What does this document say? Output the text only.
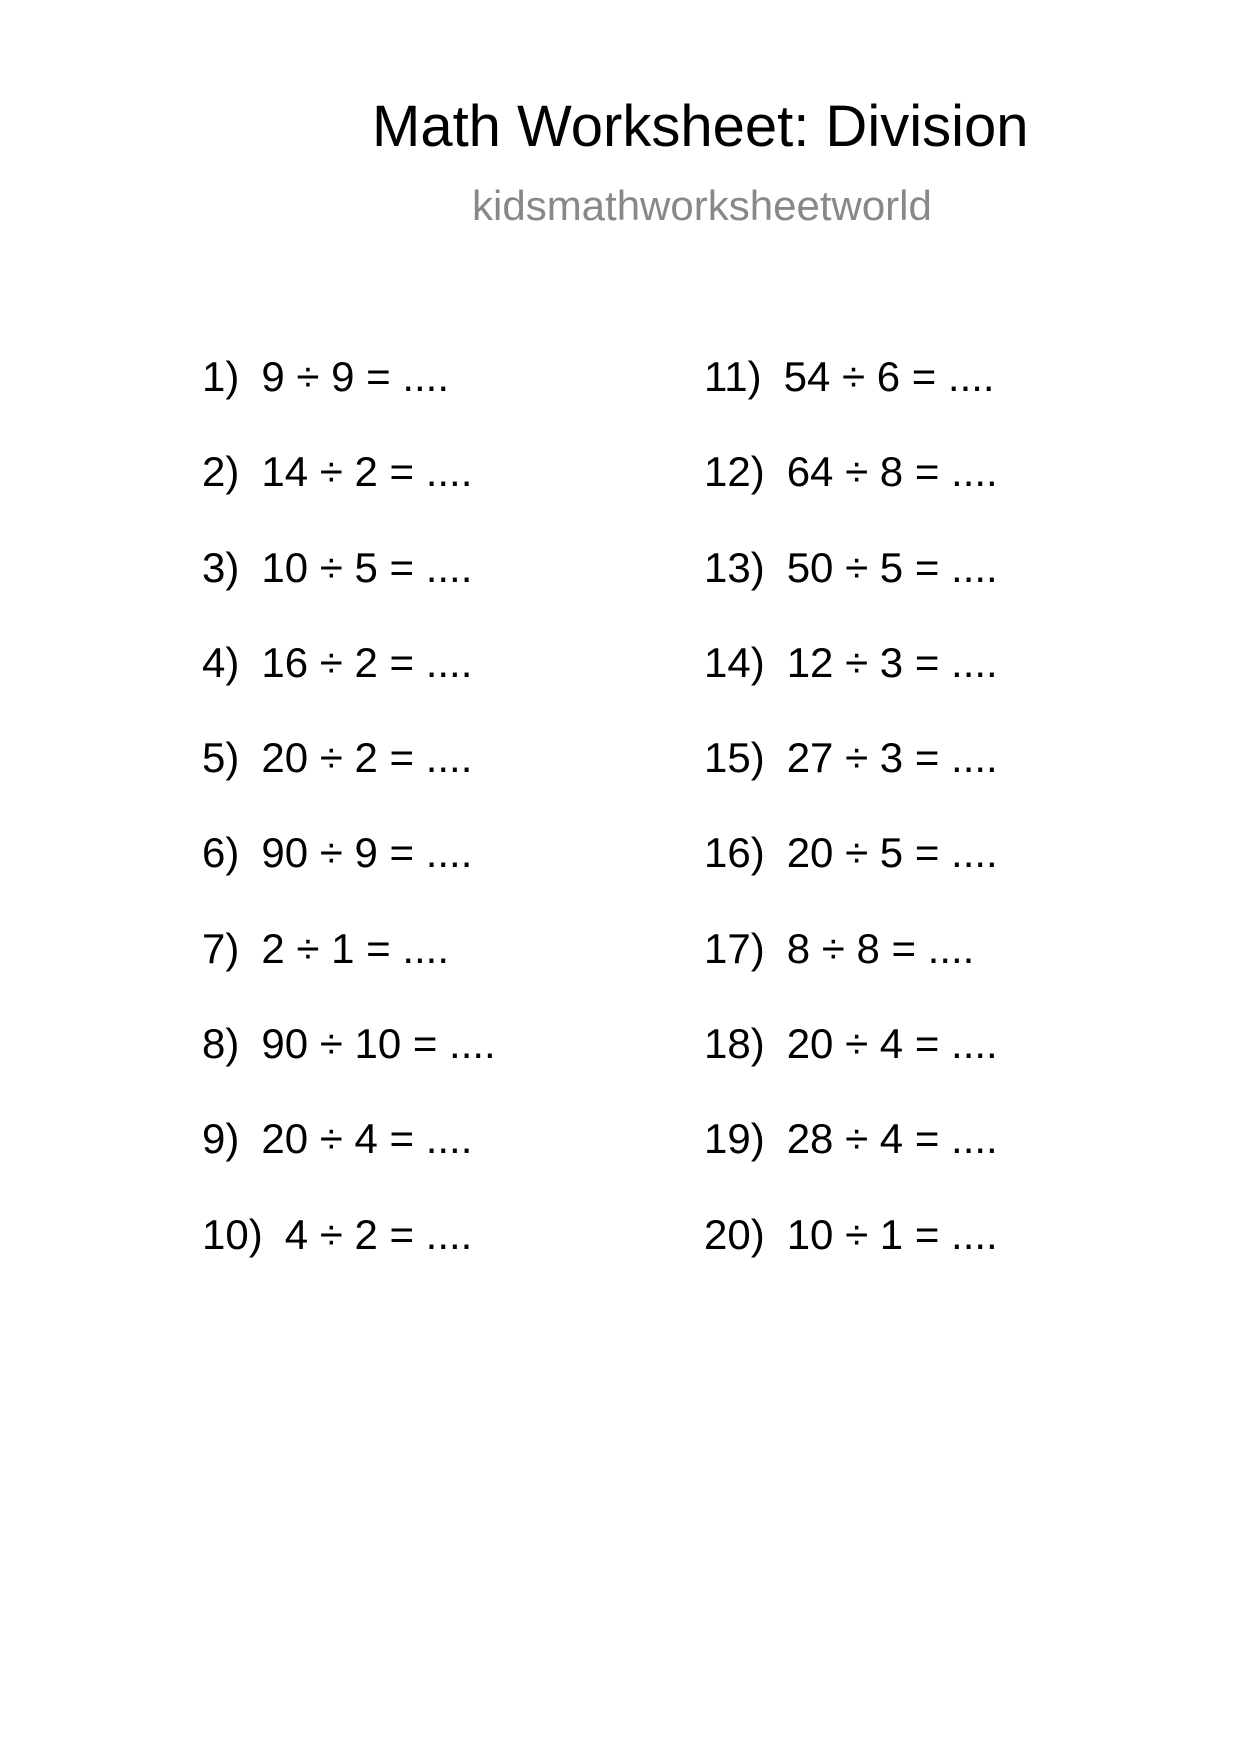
Math Worksheet: Division
kidsmathworksheetworld
1) 9 ÷ 9 = ....
2) 14 ÷ 2 = ....
3) 10 ÷ 5 = ....
4) 16 ÷ 2 = ....
5) 20 ÷ 2 = ....
6) 90 ÷ 9 = ....
7) 2 ÷ 1 = ....
8) 90 ÷ 10 = ....
9) 20 ÷ 4 = ....
10) 4 ÷ 2 = ....
11) 54 ÷ 6 = ....
12) 64 ÷ 8 = ....
13) 50 ÷ 5 = ....
14) 12 ÷ 3 = ....
15) 27 ÷ 3 = ....
16) 20 ÷ 5 = ....
17) 8 ÷ 8 = ....
18) 20 ÷ 4 = ....
19) 28 ÷ 4 = ....
20) 10 ÷ 1 = ....
